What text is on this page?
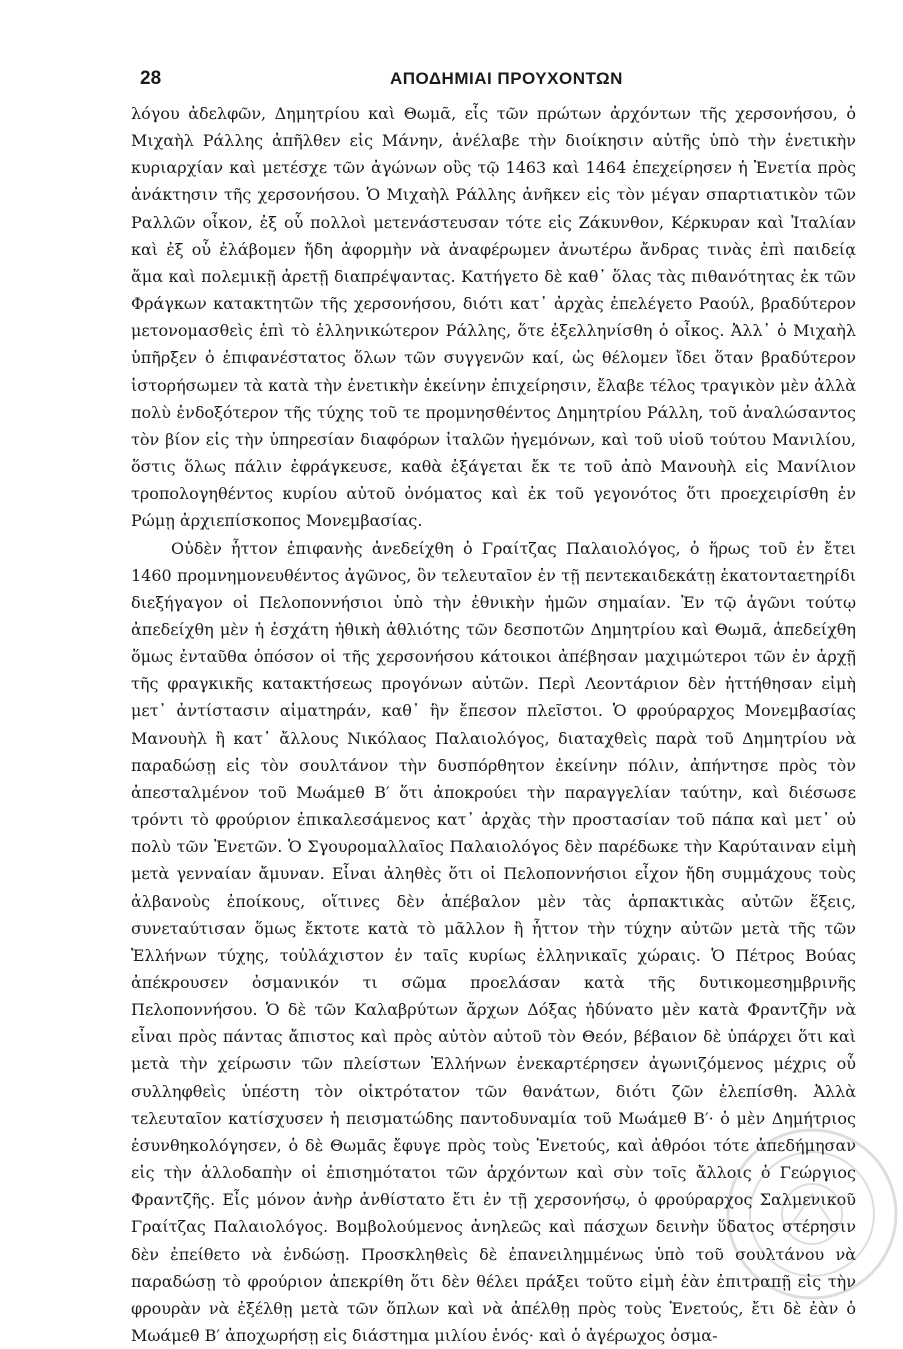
28	ΑΠΟΔΗΜΙΑΙ ΠΡΟΥΧΟΝΤΩΝ

λόγου ἀδελφῶν, Δημητρίου καὶ Θωμᾶ, εἷς τῶν πρώτων ἀρχόντων τῆς χερσονήσου, ὁ Μιχαὴλ Ράλλης ἀπῆλθεν εἰς Μάνην, ἀνέλαβε τὴν διοίκησιν αὐτῆς ὑπὸ τὴν ἐνετικὴν κυριαρχίαν καὶ μετέσχε τῶν ἀγώνων οὓς τῷ 1463 καὶ 1464 ἐπεχείρησεν ἡ Ἐνετία πρὸς ἀνάκτησιν τῆς χερσονήσου. Ὁ Μιχαὴλ Ράλλης ἀνῆκεν εἰς τὸν μέγαν σπαρτιατικὸν τῶν Ραλλῶν οἶκον, ἐξ οὗ πολλοὶ μετενάστευσαν τότε εἰς Ζάκυνθον, Κέρκυραν καὶ Ἰταλίαν καὶ ἐξ οὗ ἐλάβομεν ἤδη ἀφορμὴν νὰ ἀναφέρωμεν ἀνωτέρω ἄνδρας τινὰς ἐπὶ παιδείᾳ ἅμα καὶ πολεμικῇ ἀρετῇ διαπρέψαντας. Κατήγετο δὲ καθ᾽ ὅλας τὰς πιθανότητας ἐκ τῶν Φράγκων κατακτητῶν τῆς χερσονήσου, διότι κατ᾽ ἀρχὰς ἐπελέγετο Ραούλ, βραδύτερον μετονομασθεὶς ἐπὶ τὸ ἑλληνικώτερον Ράλλης, ὅτε ἐξελληνίσθη ὁ οἶκος. Ἀλλ᾽ ὁ Μιχαὴλ ὑπῆρξεν ὁ ἐπιφανέστατος ὅλων τῶν συγγενῶν καί, ὡς θέλομεν ἴδει ὅταν βραδύτερον ἱστορήσωμεν τὰ κατὰ τὴν ἐνετικὴν ἐκείνην ἐπιχείρησιν, ἔλαβε τέλος τραγικὸν μὲν ἀλλὰ πολὺ ἐνδοξότερον τῆς τύχης τοῦ τε προμνησθέντος Δημητρίου Ράλλη, τοῦ ἀναλώσαντος τὸν βίον εἰς τὴν ὑπηρεσίαν διαφόρων ἰταλῶν ἡγεμόνων, καὶ τοῦ υἱοῦ τούτου Μανιλίου, ὅστις ὅλως πάλιν ἐφράγκευσε, καθὰ ἐξάγεται ἔκ τε τοῦ ἀπὸ Μανουὴλ εἰς Μανίλιον τροπολογηθέντος κυρίου αὐτοῦ ὀνόματος καὶ ἐκ τοῦ γεγονότος ὅτι προεχειρίσθη ἐν Ρώμῃ ἀρχιεπίσκοπος Μονεμβασίας.

Οὐδὲν ἧττον ἐπιφανὴς ἀνεδείχθη ὁ Γραίτζας Παλαιολόγος, ὁ ἥρως τοῦ ἐν ἔτει 1460 προμνημονευθέντος ἀγῶνος, ὃν τελευταῖον ἐν τῇ πεντεκαιδεκάτῃ ἑκατονταετηρίδι διεξήγαγον οἱ Πελοποννήσιοι ὑπὸ τὴν ἐθνικὴν ἡμῶν σημαίαν. Ἐν τῷ ἀγῶνι τούτῳ ἀπεδείχθη μὲν ἡ ἐσχάτη ἠθικὴ ἀθλιότης τῶν δεσποτῶν Δημητρίου καὶ Θωμᾶ, ἀπεδείχθη ὅμως ἐνταῦθα ὁπόσον οἱ τῆς χερσονήσου κάτοικοι ἀπέβησαν μαχιμώτεροι τῶν ἐν ἀρχῇ τῆς φραγκικῆς κατακτήσεως προγόνων αὐτῶν. Περὶ Λεοντάριον δὲν ἡττήθησαν εἰμὴ μετ᾽ ἀντίστασιν αἱματηράν, καθ᾽ ἣν ἔπεσον πλεῖστοι. Ὁ φρούραρχος Μονεμβασίας Μανουὴλ ἢ κατ᾽ ἄλλους Νικόλαος Παλαιολόγος, διαταχθεὶς παρὰ τοῦ Δημητρίου νὰ παραδώσῃ εἰς τὸν σουλτάνον τὴν δυσπόρθητον ἐκείνην πόλιν, ἀπήντησε πρὸς τὸν ἀπεσταλμένον τοῦ Μωάμεθ Β′ ὅτι ἀποκρούει τὴν παραγγελίαν ταύτην, καὶ διέσωσε τρόντι τὸ φρούριον ἐπικαλεσάμενος κατ᾽ ἀρχὰς τὴν προστασίαν τοῦ πάπα καὶ μετ᾽ οὐ πολὺ τῶν Ἐνετῶν. Ὁ Σγουρομαλλαῖος Παλαιολόγος δὲν παρέδωκε τὴν Καρύταιναν εἰμὴ μετὰ γενναίαν ἄμυναν. Εἶναι ἀληθὲς ὅτι οἱ Πελοποννήσιοι εἶχον ἤδη συμμάχους τοὺς ἀλβανοὺς ἐποίκους, οἵτινες δὲν ἀπέβαλον μὲν τὰς ἁρπακτικὰς αὐτῶν ἕξεις, συνεταύτισαν ὅμως ἔκτοτε κατὰ τὸ μᾶλλον ἢ ἧττον τὴν τύχην αὐτῶν μετὰ τῆς τῶν Ἑλλήνων τύχης, τοὐλάχιστον ἐν ταῖς κυρίως ἑλληνικαῖς χώραις. Ὁ Πέτρος Βούας ἀπέκρουσεν ὀσμανικόν τι σῶμα προελάσαν κατὰ τῆς δυτικομεσημβρινῆς Πελοποννήσου. Ὁ δὲ τῶν Καλαβρύτων ἄρχων Δόξας ἠδύνατο μὲν κατὰ Φραντζῆν νὰ εἶναι πρὸς πάντας ἄπιστος καὶ πρὸς αὐτὸν αὐτοῦ τὸν Θεόν, βέβαιον δὲ ὑπάρχει ὅτι καὶ μετὰ τὴν χείρωσιν τῶν πλείστων Ἑλλήνων ἐνεκαρτέρησεν ἀγωνιζόμενος μέχρις οὗ συλληφθεὶς ὑπέστη τὸν οἰκτρότατον τῶν θανάτων, διότι ζῶν ἐλεπίσθη. Ἀλλὰ τελευταῖον κατίσχυσεν ἡ πεισματώδης παντοδυναμία τοῦ Μωάμεθ Β′· ὁ μὲν Δημήτριος ἐσυνθηκολόγησεν, ὁ δὲ Θωμᾶς ἔφυγε πρὸς τοὺς Ἐνετούς, καὶ ἀθρόοι τότε ἀπεδήμησαν εἰς τὴν ἀλλοδαπὴν οἱ ἐπισημότατοι τῶν ἀρχόντων καὶ σὺν τοῖς ἄλλοις ὁ Γεώργιος Φραντζῆς. Εἷς μόνον ἀνὴρ ἀνθίστατο ἔτι ἐν τῇ χερσονήσῳ, ὁ φρούραρχος Σαλμενικοῦ Γραίτζας Παλαιολόγος. Βομβολούμενος ἀνηλεῶς καὶ πάσχων δεινὴν ὕδατος στέρησιν δὲν ἐπείθετο νὰ ἐνδώσῃ. Προσκληθεὶς δὲ ἐπανειλημμένως ὑπὸ τοῦ σουλτάνου νὰ παραδώσῃ τὸ φρούριον ἀπεκρίθη ὅτι δὲν θέλει πράξει τοῦτο εἰμὴ ἐὰν ἐπιτραπῇ εἰς τὴν φρουρὰν νὰ ἐξέλθῃ μετὰ τῶν ὅπλων καὶ νὰ ἀπέλθῃ πρὸς τοὺς Ἐνετούς, ἔτι δὲ ἐὰν ὁ Μωάμεθ Β′ ἀποχωρήσῃ εἰς διάστημα μιλίου ἑνός· καὶ ὁ ἀγέρωχος ὀσμα-
